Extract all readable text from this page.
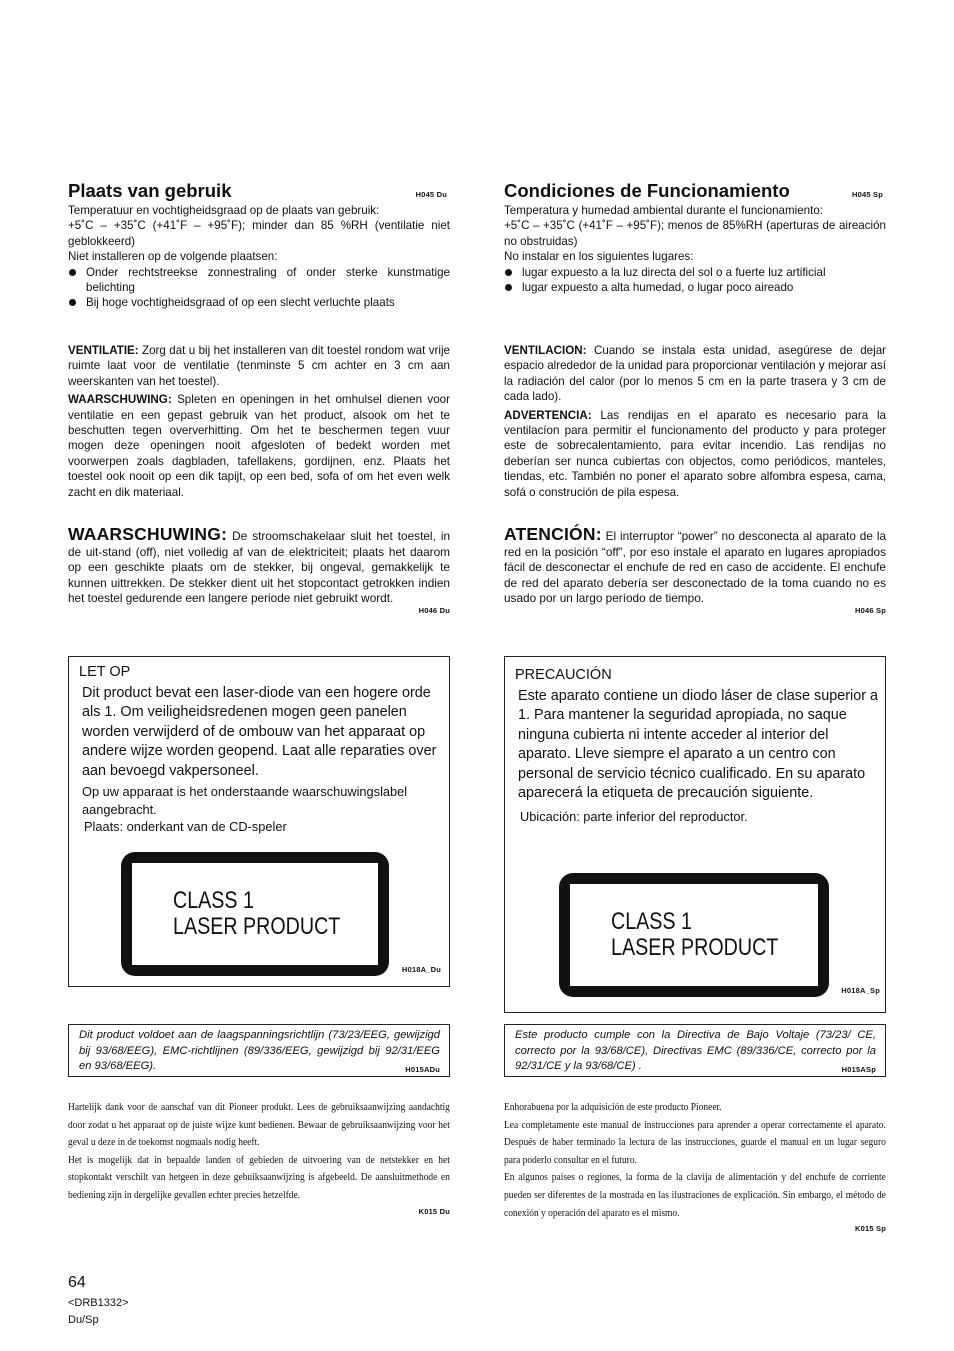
Plaats van gebruik	H045 Du
Temperatuur en vochtigheidsgraad op de plaats van gebruik:
+5˚C – +35˚C (+41˚F – +95˚F); minder dan 85 %RH (ventilatie niet geblokkeerd)
Niet installeren op de volgende plaatsen:
Onder rechtstreekse zonnestraling of onder sterke kunstmatige belichting
Bij hoge vochtigheidsgraad of op een slecht verluchte plaats

VENTILATIE: Zorg dat u bij het installeren van dit toestel rondom wat vrije ruimte laat voor de ventilatie (tenminste 5 cm achter en 3 cm aan weerskanten van het toestel).

WAARSCHUWING: Spleten en openingen in het omhulsel dienen voor ventilatie en een gepast gebruik van het product, alsook om het te beschutten tegen oververhitting. Om het te beschermen tegen vuur mogen deze openingen nooit afgesloten of bedekt worden met voorwerpen zoals dagbladen, tafellakens, gordijnen, enz. Plaats het toestel ook nooit op een dik tapijt, op een bed, sofa of om het even welk zacht en dik materiaal.

WAARSCHUWING: De stroomschakelaar sluit het toestel, in de uit-stand (off), niet volledig af van de elektriciteit; plaats het daarom op een geschikte plaats om de stekker, bij ongeval, gemakkelijk te kunnen uittrekken. De stekker dient uit het stopcontact getrokken indien het toestel gedurende een langere periode niet gebruikt wordt.
H046 Du
LET OP
Dit product bevat een laser-diode van een hogere orde als 1. Om veiligheidsredenen mogen geen panelen worden verwijderd of de ombouw van het apparaat op andere wijze worden geopend. Laat alle reparaties over aan bevoegd vakpersoneel.
Op uw apparaat is het onderstaande waarschuwingslabel aangebracht.
Plaats: onderkant van de CD-speler
CLASS 1
LASER PRODUCT
H018A_Du
Dit product voldoet aan de laagspanningsrichtlijn (73/23/EEG, gewijzigd bij 93/68/EEG), EMC-richtlijnen (89/336/EEG, gewijzigd bij 92/31/EEG en 93/68/EEG).	H015ADu
Hartelijk dank voor de aanschaf van dit Pioneer produkt. Lees de gebruiksaanwijzing aandachtig door zodat u het apparaat op de juiste wijze kunt bedienen. Bewaar de gebruiksaanwijzing voor het geval u deze in de toekomst nogmaals nodig heeft.
Het is mogelijk dat in bepaalde landen of gebieden de uitvoering van de netstekker en het stopkontakt verschilt van hetgeen in deze gebuiksaanwijzing is afgebeeld. De aansluitmethode en bediening zijn in dergelijke gevallen echter precies hetzelfde.
K015 Du
Condiciones de Funcionamiento	H045 Sp
Temperatura y humedad ambiental durante el funcionamiento:
+5˚C – +35˚C (+41˚F – +95˚F); menos de 85%RH (aperturas de aireación no obstruidas)
No instalar en los siguientes lugares:
lugar expuesto a la luz directa del sol o a fuerte luz artificial
lugar expuesto a alta humedad, o lugar poco aireado

VENTILACION: Cuando se instala esta unidad, asegúrese de dejar espacio alrededor de la unidad para proporcionar ventilación y mejorar así la radiación del calor (por lo menos 5 cm en la parte trasera y 3 cm de cada lado).

ADVERTENCIA: Las rendijas en el aparato es necesario para la ventilacíon para permitir el funcionamento del producto y para proteger este de sobrecalentamiento, para evitar incendio. Las rendijas no deberían ser nunca cubiertas con objectos, como periódicos, manteles, tiendas, etc. También no poner el aparato sobre alfombra espesa, cama, sofá o construción de pila espesa.

ATENCIÓN: El interruptor “power” no desconecta al aparato de la red en la posición “off”, por eso instale el aparato en lugares apropiados fácil de desconectar el enchufe de red en caso de accidente. El enchufe de red del aparato debería ser desconectado de la toma cuando no es usado por un largo período de tiempo.
H046 Sp
PRECAUCIÓN
Este aparato contiene un diodo láser de clase superior a 1. Para mantener la seguridad apropiada, no saque ninguna cubierta ni intente acceder al interior del aparato. Lleve siempre el aparato a un centro con personal de servicio técnico cualificado. En su aparato aparecerá la etiqueta de precaución siguiente.
Ubicación: parte inferior del reproductor.
CLASS 1
LASER PRODUCT
H018A_Sp
Este producto cumple con la Directiva de Bajo Voltaje (73/23/ CE, correcto por la 93/68/CE), Directivas EMC (89/336/CE, correcto por la 92/31/CE y la 93/68/CE) .	H015ASp
Enhorabuena por la adquisición de este producto Pioneer.
Lea completamente este manual de instrucciones para aprender a operar correctamente el aparato. Después de haber terminado la lectura de las instrucciones, guarde el manual en un lugar seguro para poderlo consultar en el futuro.
En algunos países o regiones, la forma de la clavija de alimentación y del enchufe de corriente pueden ser diferentes de la mostrada en las ilustraciones de explicación. Sin embargo, el método de conexión y operación del aparato es el mismo.
K015 Sp
64
<DRB1332>
Du/Sp
